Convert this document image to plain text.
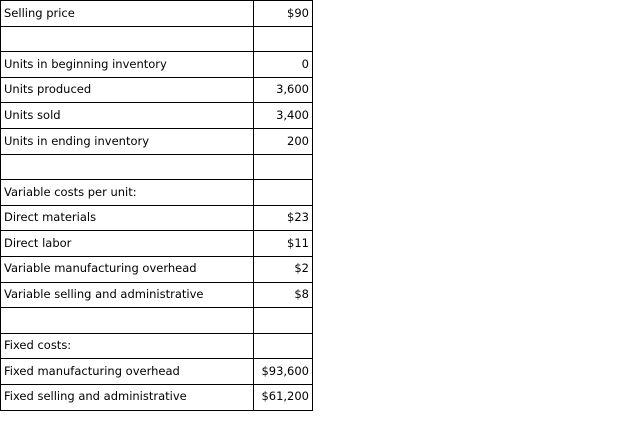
Selling price	$90

Units in beginning inventory	0
Units produced	3,600
Units sold	3,400
Units in ending inventory	200

Variable costs per unit:	
Direct materials	$23
Direct labor	$11
Variable manufacturing overhead	$2
Variable selling and administrative	$8

Fixed costs:	
Fixed manufacturing overhead	$93,600
Fixed selling and administrative	$61,200
